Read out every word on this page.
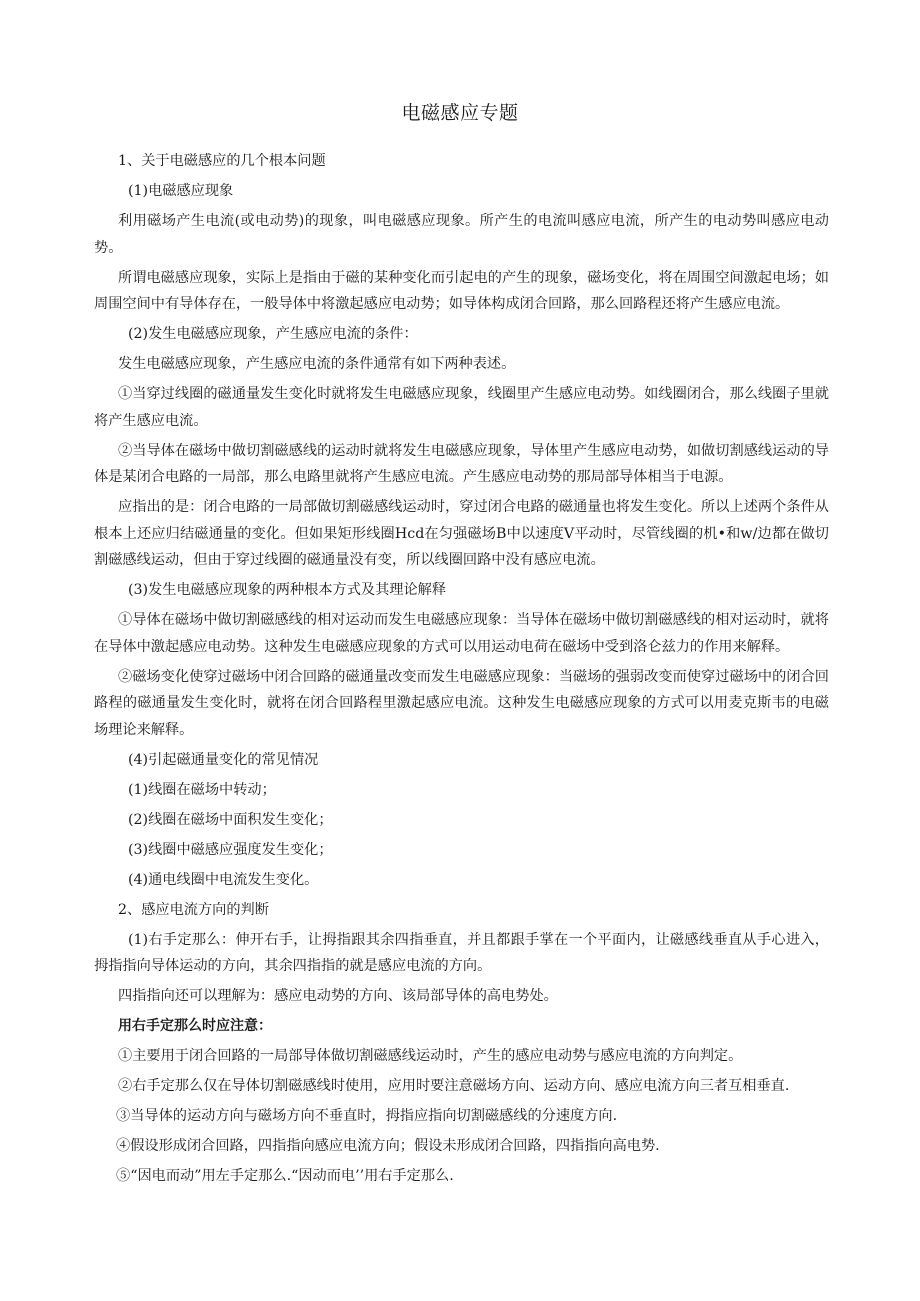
电磁感应专题

1、关于电磁感应的几个根本问题

(1)电磁感应现象

利用磁场产生电流(或电动势)的现象，叫电磁感应现象。所产生的电流叫感应电流，所产生的电动势叫感应电动势。

所谓电磁感应现象，实际上是指由于磁的某种变化而引起电的产生的现象，磁场变化，将在周围空间激起电场；如周围空间中有导体存在，一般导体中将激起感应电动势；如导体构成闭合回路，那么回路程还将产生感应电流。

(2)发生电磁感应现象，产生感应电流的条件：

发生电磁感应现象，产生感应电流的条件通常有如下两种表述。

①当穿过线圈的磁通量发生变化时就将发生电磁感应现象，线圈里产生感应电动势。如线圈闭合，那么线圈子里就将产生感应电流。

②当导体在磁场中做切割磁感线的运动时就将发生电磁感应现象，导体里产生感应电动势，如做切割感线运动的导体是某闭合电路的一局部，那么电路里就将产生感应电流。产生感应电动势的那局部导体相当于电源。

应指出的是：闭合电路的一局部做切割磁感线运动时，穿过闭合电路的磁通量也将发生变化。所以上述两个条件从根本上还应归结磁通量的变化。但如果矩形线圈Hcd在匀强磁场B中以速度V平动时，尽管线圈的机•和w/边都在做切割磁感线运动，但由于穿过线圈的磁通量没有变，所以线圈回路中没有感应电流。

(3)发生电磁感应现象的两种根本方式及其理论解释

①导体在磁场中做切割磁感线的相对运动而发生电磁感应现象：当导体在磁场中做切割磁感线的相对运动时，就将在导体中激起感应电动势。这种发生电磁感应现象的方式可以用运动电荷在磁场中受到洛仑兹力的作用来解释。

②磁场变化使穿过磁场中闭合回路的磁通量改变而发生电磁感应现象：当磁场的强弱改变而使穿过磁场中的闭合回路程的磁通量发生变化时，就将在闭合回路程里激起感应电流。这种发生电磁感应现象的方式可以用麦克斯韦的电磁场理论来解释。

(4)引起磁通量变化的常见情况

(1)线圈在磁场中转动；

(2)线圈在磁场中面积发生变化；

(3)线圈中磁感应强度发生变化；

(4)通电线圈中电流发生变化。

2、感应电流方向的判断

(1)右手定那么：伸开右手，让拇指跟其余四指垂直，并且都跟手掌在一个平面内，让磁感线垂直从手心进入，拇指指向导体运动的方向，其余四指指的就是感应电流的方向。

四指指向还可以理解为：感应电动势的方向、该局部导体的高电势处。

用右手定那么时应注意：

①主要用于闭合回路的一局部导体做切割磁感线运动时，产生的感应电动势与感应电流的方向判定。

②右手定那么仅在导体切割磁感线时使用，应用时要注意磁场方向、运动方向、感应电流方向三者互相垂直.

③当导体的运动方向与磁场方向不垂直时，拇指应指向切割磁感线的分速度方向.

④假设形成闭合回路，四指指向感应电流方向；假设未形成闭合回路，四指指向高电势.

⑤“因电而动”用左手定那么.“因动而电’’用右手定那么.
